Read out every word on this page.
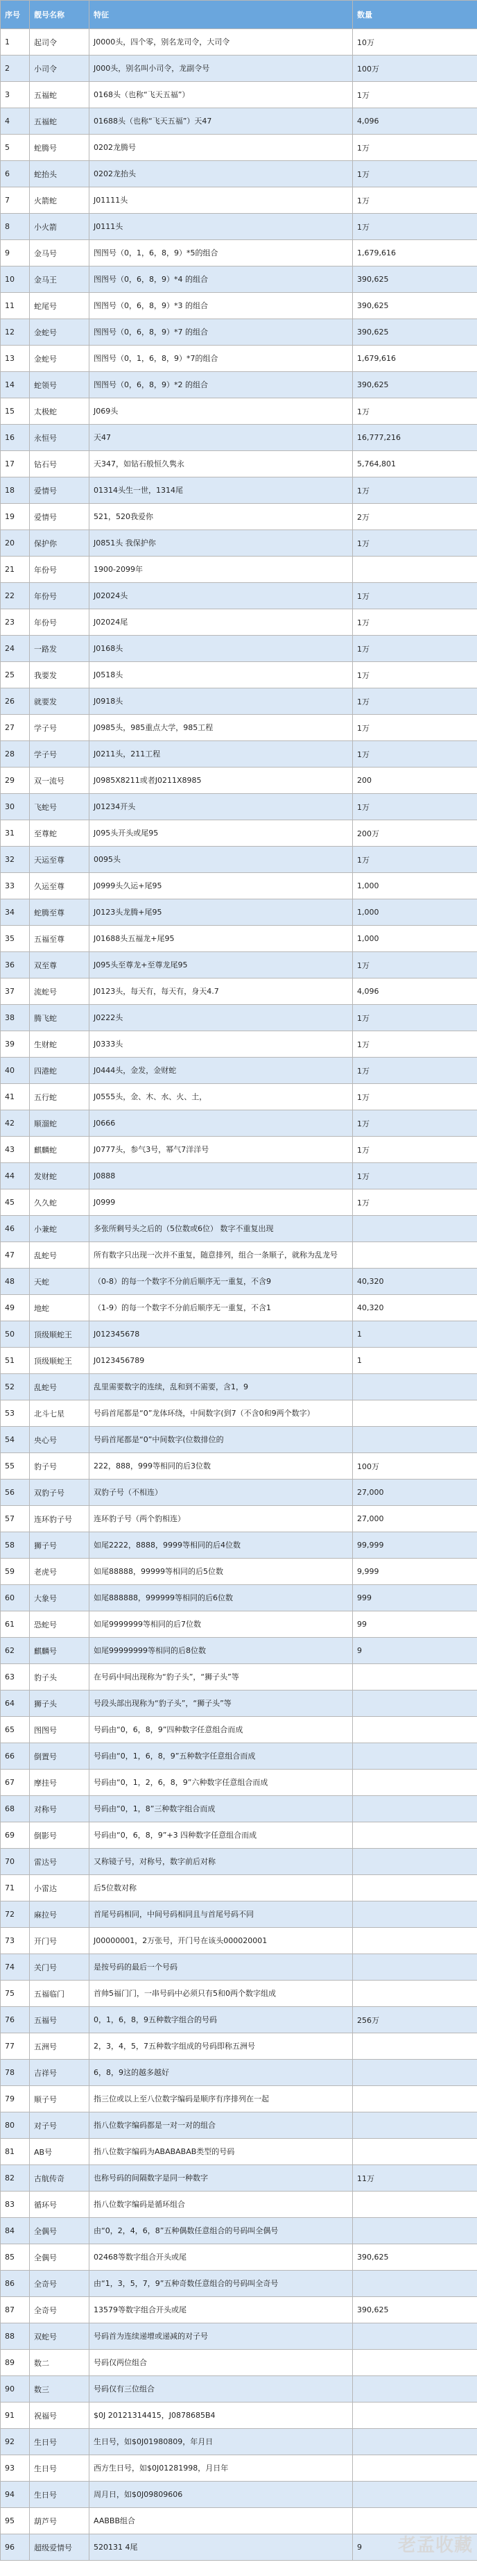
序号	靓号名称	特征	数量
1	起司令	J0000头，四个零，别名龙司令，大司令	10万
2	小司令	J000头，别名叫小司令，龙副令号	100万
3	五福蛇	0168头（也称“飞天五福”）	1万
4	五福蛇	01688头（也称“飞天五福”）天47	4,096
5	蛇腾号	0202龙腾号	1万
6	蛇抬头	0202龙抬头	1万
7	火箭蛇	J01111头	1万
8	小火箭	J0111头	1万
9	金马号	图图号（0，1，6，8，9）*5的组合	1,679,616
10	金马王	图图号（0，6，8，9）*4 的组合	390,625
11	蛇尾号	图图号（0，6，8，9）*3 的组合	390,625
12	金蛇号	图图号（0，6，8，9）*7 的组合	390,625
13	金蛇号	图图号（0，1，6，8，9）*7的组合	1,679,616
14	蛇领号	图图号（0，6，8，9）*2 的组合	390,625
15	太极蛇	J069头	1万
16	永恒号	天47	16,777,216
17	钻石号	天347，如钻石般恒久隽永	5,764,801
18	爱情号	01314头生一世，1314尾	1万
19	爱情号	521，520我爱你	2万
20	保护你	J0851头 我保护你	1万
21	年份号	1900-2099年	
22	年份号	J02024头	1万
23	年份号	J02024尾	1万
24	一路发	J0168头	1万
25	我要发	J0518头	1万
26	就要发	J0918头	1万
27	学子号	J0985头，985重点大学，985工程	1万
28	学子号	J0211头，211工程	1万
29	双一流号	J0985X8211或者J0211X8985	200
30	飞蛇号	J01234开头	1万
31	至尊蛇	J095头开头或尾95	200万
32	天运至尊	0095头	1万
33	久运至尊	J0999头久运+尾95	1,000
34	蛇腾至尊	J0123头龙腾+尾95	1,000
35	五福至尊	J01688头五福龙+尾95	1,000
36	双至尊	J095头至尊龙+至尊龙尾95	1万
37	流蛇号	J0123头，每天有，每天有，身天4.7	4,096
38	腾飞蛇	J0222头	1万
39	生财蛇	J0333头	1万
40	四港蛇	J0444头，金发，金财蛇	1万
41	五行蛇	J0555头，金、木、水、火、土，	1万
42	顺溜蛇	J0666	1万
43	麒麟蛇	J0777头，参气3号，幂气7洋洋号	1万
44	发财蛇	J0888	1万
45	久久蛇	J0999	1万
46	小兼蛇	多张所剩号头之后的（5位数或6位） 数字不重复出现	
47	乱蛇号	所有数字只出现一次并不重复，随意排列，组合一条顺子，就称为乱龙号	
48	天蛇	（0-8）的每一个数字不分前后顺序无一重复，不含9	40,320
49	地蛇	（1-9）的每一个数字不分前后顺序无一重复，不含1	40,320
50	顶级顺蛇王	J012345678	1
51	顶级顺蛇王	J0123456789	1
52	乱蛇号	乱里需要数字的连续，乱和到不需要，含1，9	
53	北斗七星	号码首尾都是“0”龙体环绕，中间数字(到7（不含0和9两个数字）	
54	央心号	号码首尾都是“0”中间数字(位数排位的	
55	豹子号	222，888，999等相同的后3位数	100万
56	双豹子号	双豹子号（不相连）	27,000
57	连环豹子号	连环豹子号（两个豹相连）	27,000
58	狮子号	如尾2222，8888，9999等相同的后4位数	99,999
59	老虎号	如尾88888，99999等相同的后5位数	9,999
60	大象号	如尾888888，999999等相同的后6位数	999
61	恐蛇号	如尾9999999等相同的后7位数	99
62	麒麟号	如尾99999999等相同的后8位数	9
63	豹子头	在号码中间出现称为“豹子头”，“狮子头”等	
64	狮子头	号段头部出现称为“豹子头”，“狮子头”等	
65	图图号	号码由“0，6，8，9”四种数字任意组合而成	
66	倒置号	号码由“0，1，6，8，9”五种数字任意组合而成	
67	摩挂号	号码由“0，1，2，6，8，9”六种数字任意组合而成	
68	对称号	号码由“0，1，8”三种数字组合而成	
69	倒影号	号码由“0，6，8，9”+3 四种数字任意组合而成	
70	雷达号	又称镜子号，对称号，数字前后对称	
71	小雷达	后5位数对称	
72	麻拉号	首尾号码相同，中间号码相同且与首尾号码不同	
73	开门号	J00000001，2万张号，开门号在该头000020001	
74	关门号	是按号码的最后一个号码	
75	五福临门	首帅5福门门，一串号码中必须只有5和0两个数字组成	
76	五福号	0，1，6，8，9五种数字组合的号码	256万
77	五洲号	2，3，4，5，7五种数字组成的号码即称五洲号	
78	吉祥号	6，8，9这的越多越好	
79	顺子号	指三位或以上至八位数字编码是顺序有序排列在一起	
80	对子号	指八位数字编码都是一对一对的组合	
81	AB号	指八位数字编码为ABABABAB类型的号码	
82	古航传奇	也称号码的间隔数字是同一种数字	11万
83	循环号	指八位数字编码是循环组合	
84	全偶号	由“0，2，4，6，8”五种偶数任意组合的号码叫全偶号	
85	全偶号	02468等数字组合开头或尾	390,625
86	全奇号	由“1，3，5，7，9”五种奇数任意组合的号码叫全奇号	
87	全奇号	13579等数字组合开头或尾	390,625
88	双蛇号	号码首为连续递增或递减的对子号	
89	数二	号码仅两位组合	
90	数三	号码仅有三位组合	
91	祝福号	$0J 20121314415，J0878685B4	
92	生日号	生日号，如$0J01980809，年月日	
93	生日号	西方生日号，如$0J01281998，月日年	
94	生日号	周月日，如$0J09809606	
95	葫芦号	AABBB组合	
96	超级爱情号	520131 4尾	9 老孟收藏
